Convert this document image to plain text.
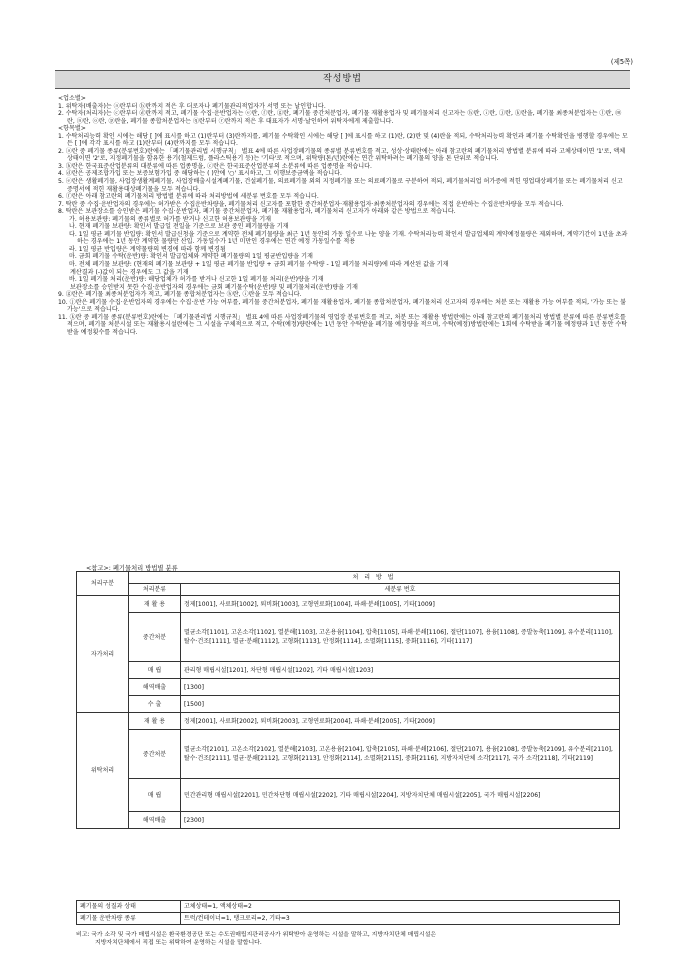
(제5쪽)
작성방법
<업소별>
1. 위탁자(배출자)는 ⓐ란부터 ⓑ란까지 적은 후 더로자나 폐기물관리적업자가 서명 또는 날인합니다.
2. 수탁자(처리자)는 ⓒ란부터 ⓓ란까지 적고, 폐기물 수집·운반업자는 ⓔ란, ⓕ란, ⓖ란, 폐기물 중간처분업자, 폐기물 재활용업자 및 폐기물처리 신고자는 ⓗ란, ⓘ란, ⓙ란, ⓚ란을, 폐기물 최종처분업자는 ⓛ란, ⓜ란, ⓝ란, ⓞ란, ⓟ란을, 폐기물 종합처분업자는 ⓠ란부터 ⓡ란까지 적은 후 대표자가 서명·날인하여 위탁자에게 제출합니다.
<항목별>
1. 수탁처리능력 확인 시에는 해당 [ ]에 표시를 하고 (1)란부터 (3)란까지를, 폐기물 수탁확인 시에는 해당 [ ]에 표시를 하고 (1)란, (2)란 및 (4)란을 적되, 수탁처리능력 확인과 폐기물 수탁확인을 병행할 경우에는 모든 [ ]에 각각 표시를 하고 (1)란부터 (4)란까지를 모두 적습니다.
2. ⓐ란 중 폐기물 종류(분류번호)란에는 「폐기물관리법 시행규칙」 별표 4에 따른 사업장폐기물의 종류별 분류번호를 적고, 성상·상태란에는 아래 참고란의 폐기물처리 방법별 분류에 따라 고체상태이면 '1'로, 액체상태이면 '2'로, 지정폐기물을 함유한 용기(철제드럼, 플라스틱용기 등)는 '기타'로 적으며, 위탁량(톤/년)란에는 연간 위탁하려는 폐기물의 양을 톤 단위로 적습니다.
3. ⓑ란은 한국표준산업분류의 대분류에 따른 업종명을, ⓒ란은 한국표준산업분류의 소분류에 따른 업종명을 적습니다.
4. ⓓ란은 공제조합가입 또는 보증보험가입 중 해당하는 ( )안에 '○' 표시하고, 그 이행보증금액을 적습니다.
5. ⓔ란은 생활폐기물, 사업장생활계폐기물, 사업장배출시설계폐기물, 건설폐기물, 의료폐기물 외의 지정폐기물 또는 의료폐기물로 구분하여 적되, 폐기물처리업 허가증에 적힌 영업대상폐기물 또는 폐기물처리 신고증명서에 적힌 재활용대상폐기물을 모두 적습니다.
6. ⓕ란은 아래 참고란의 폐기물처리 방법별 분류에 따라 처리방법에 세분류 번호를 모두 적습니다.
7. 탁란 중 수집·운반업자의 경우에는 허가받은 수집운반차량을, 폐기물처리 신고자를 포함한 중간처분업자·재활용업자·최종처분업자의 경우에는 직접 운반하는 수집운반차량을 모두 적습니다.
8. 탁란은 보관장소를 승인받은 폐기물 수집·운반업자, 폐기물 중간처분업자, 폐기물 재활용업자, 폐기물처리 신고자가 아래와 같은 방법으로 적습니다.
가. 허용보관량: 폐기물의 종류별로 허가를 받거나 신고한 허용보관량을 기재
나. 현재 폐기물 보관량: 확인서 발급일 전일을 기준으로 보관 중인 폐기물량을 기재
다. 1일 평균 폐기물 반입량: 확인서 발급신청을 기준으로 계약한 전체 폐기물량을 최근 1년 동안의 가동 일수로 나눈 양을 기재. 수탁처리능력 확인서 발급업체의 계약예정물량은 제외하며, 계약기간이 1년을 초과하는 경우에는 1년 동안 계약한 물량만 산입. 가동일수가 1년 미만인 경우에는 연간 예정 가동일수를 적용
라. 1일 평균 반입량은 계약물량의 변경에 따라 함께 변경됨
마. 금회 폐기물 수탁(운반)량: 확인서 발급업체와 계약한 폐기물량의 1일 평균반입량을 기재
마. 전체 폐기물 보관량: (현재의 폐기물 보관량 + 1일 평균 폐기물 반입량 + 금회 폐기물 수탁량 - 1일 폐기물 처리량)에 따라 계산된 값을 기재
계산결과 (-)값이 되는 경우에도 그 값을 기재
바. 1일 폐기물 처리(운반)량: 해당업체가 허가를 받거나 신고한 1일 폐기물 처리(운반)량을 기재
보관장소를 승인받지 못한 수집·운반업자의 경우에는 금회 폐기물수탁(운반)량 및 폐기물처리(운반)량을 기재
9. ⓖ란은 폐기물 최종처분업자가 적고, 폐기물 종합처분업자는 ⓗ란, ⓘ란을 모두 적습니다.
10. ⓙ란은 폐기물 수집·운반업자의 경우에는 수집·운반 가능 여부를, 폐기물 중간처분업자, 폐기물 재활용업자, 폐기물 종합처분업자, 폐기물처리 신고자의 경우에는 처분 또는 재활용 가능 여부를 적되, '가능 또는 불가능'으로 적습니다.
11. ⓚ란 중 폐기물 종류(분류번호)란에는 「폐기물관리법 시행규칙」 별표 4에 따른 사업장폐기물의 영업장 분류번호를 적고, 처분 또는 재활용 방법란에는 아래 참고란의 폐기물처리 방법별 분류에 따른 분류번호를 적으며, 폐기물 처분시설 또는 재활용시설란에는 그 시설을 구체적으로 적고, 수탁(예정)량란에는 1년 동안 수탁받을 폐기물 예정량을 적으며, 수탁(예정)방법란에는 1회에 수탁받을 폐기물 예정량과 1년 동안 수탁받을 예정횟수를 적습니다.
<참고>: 폐기물처리 방법별 분류
처리구분	처 리 방 법	
	처리분류	세분류 번호
자가처리	재 활 용	정제[1001], 사료화[1002], 퇴비화[1003], 고형연료화[1004], 파쇄·분쇄[1005], 기타[1009]
	중간처분	멸균소각[1101], 고온소각[1102], 열분해[1103], 고온용융[1104], 압축[1105], 파쇄·분쇄[1106], 절단[1107], 용융[1108], 증발농축[1109], 유수분리[1110], 탈수·건조[1111], 멸균·분쇄[1112], 고형화[1113], 안정화[1114], 소멸화[1115], 중화[1116], 기타[1117]
	매 립	관리형 매립시설[1201], 차단형 매립시설[1202], 기타 매립시설[1203]
	해역배출	[1300]
	수 출	[1500]
위탁처리	재 활 용	정제[2001], 사료화[2002], 퇴비화[2003], 고형연료화[2004], 파쇄·분쇄[2005], 기타[2009]
	중간처분	멸균소각[2101], 고온소각[2102], 열분해[2103], 고온용융[2104], 압축[2105], 파쇄·분쇄[2106], 절단[2107], 용융[2108], 증발농축[2109], 유수분리[2110], 탈수·건조[2111], 멸균·분쇄[2112], 고형화[2113], 안정화[2114], 소멸화[2115], 중화[2116], 지방자치단체 소각[2117], 국가 소각[2118], 기타[2119]
	매 립	민간관리형 매립시설[2201], 민간차단형 매립시설[2202], 기타 매립시설[2204], 지방자치단체 매립시설[2205], 국가 매립시설[2206]
	해역배출	[2300]
폐기물의 성질과 상태	고체상태=1, 액체상태=2
폐기물 운반차량 종류	트럭/컨테이너=1, 탱크로리=2, 기타=3
비고: 국가 소각 및 국가 매립시설은 환국환경공단 또는 수도권매립지관리공사가 위탁받아 운영하는 시설을 말하고, 지방자치단체 매립시설은
지방자치단체에서 직접 또는 위탁하여 운영하는 시설을 말합니다.
